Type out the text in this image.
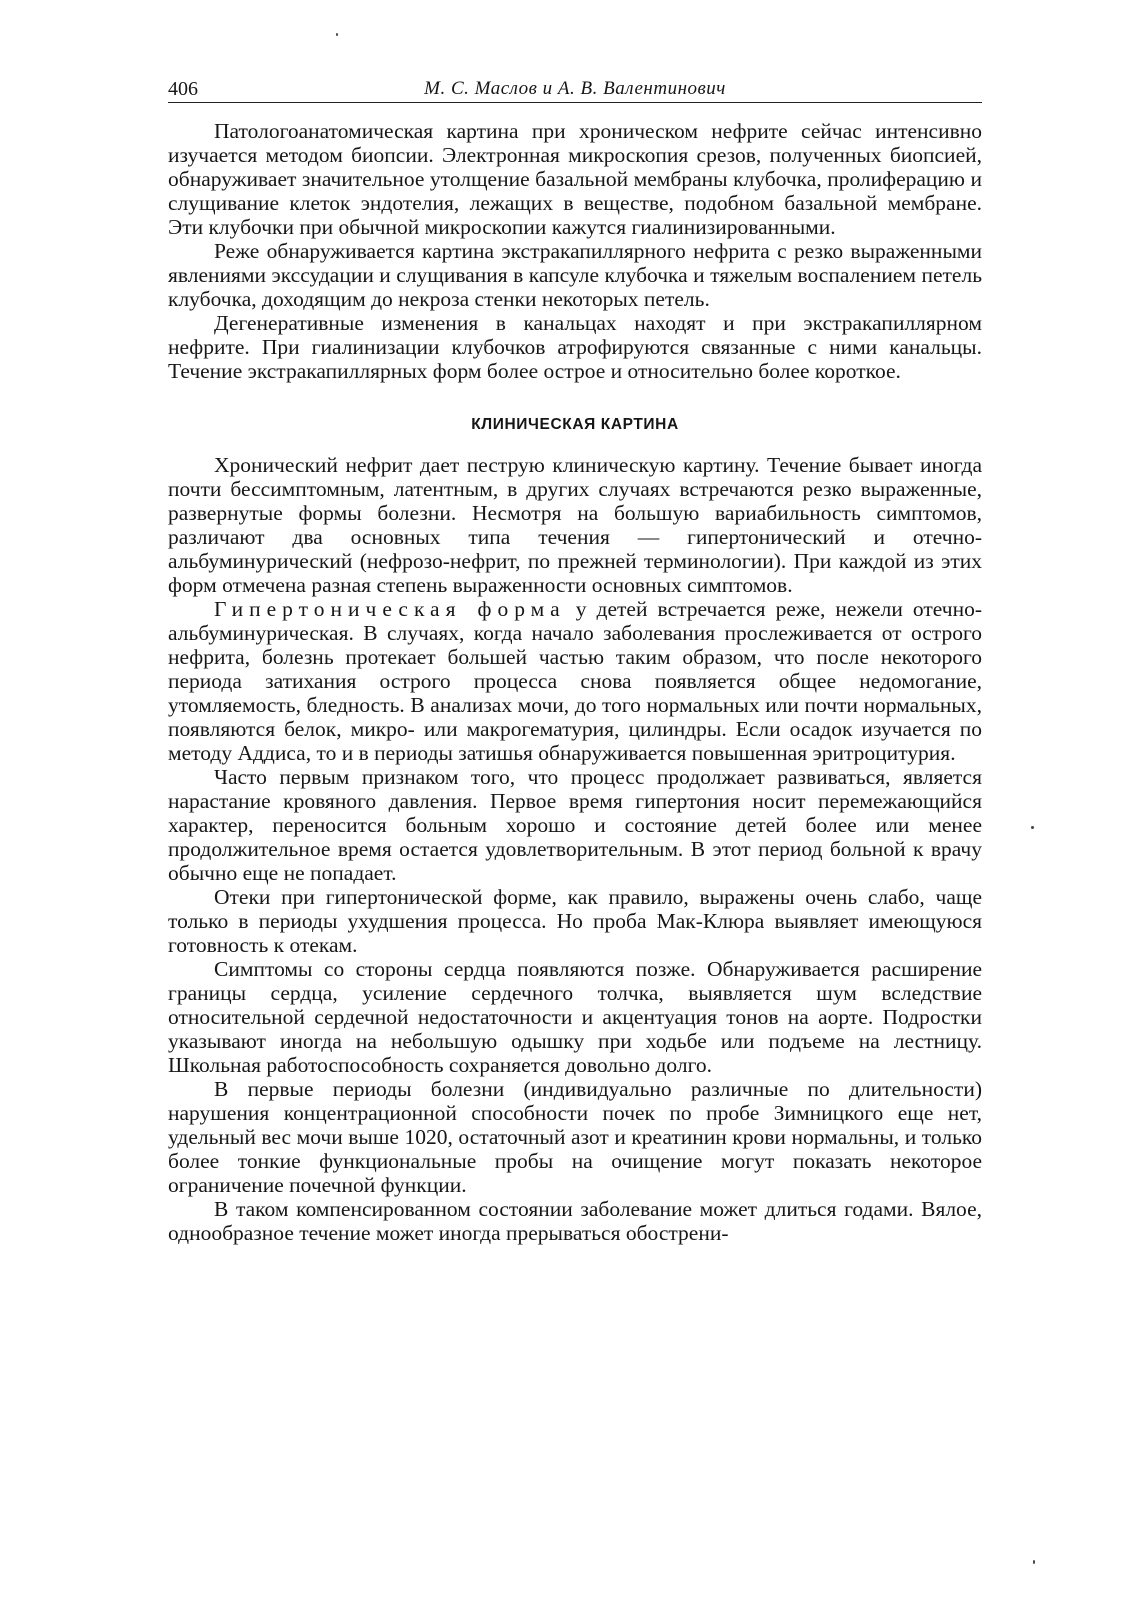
406	М. С. Маслов и А. В. Валентинович

Патологоанатомическая картина при хроническом нефрите сейчас интенсивно изучается методом биопсии. Электронная микроскопия срезов, полученных биопсией, обнаруживает значительное утолщение базальной мембраны клубочка, пролиферацию и слущивание клеток эндотелия, лежащих в веществе, подобном базальной мембране. Эти клубочки при обычной микроскопии кажутся гиалинизированными.

Реже обнаруживается картина экстракапиллярного нефрита с резко выраженными явлениями экссудации и слущивания в капсуле клубочка и тяжелым воспалением петель клубочка, доходящим до некроза стенки некоторых петель.

Дегенеративные изменения в канальцах находят и при экстракапиллярном нефрите. При гиалинизации клубочков атрофируются связанные с ними канальцы. Течение экстракапиллярных форм более острое и относительно более короткое.

КЛИНИЧЕСКАЯ КАРТИНА

Хронический нефрит дает пеструю клиническую картину. Течение бывает иногда почти бессимптомным, латентным, в других случаях встречаются резко выраженные, развернутые формы болезни. Несмотря на большую вариабильность симптомов, различают два основных типа течения — гипертонический и отечно-альбуминурический (нефрозо-нефрит, по прежней терминологии). При каждой из этих форм отмечена разная степень выраженности основных симптомов.

Гипертоническая форма у детей встречается реже, нежели отечно-альбуминурическая. В случаях, когда начало заболевания прослеживается от острого нефрита, болезнь протекает большей частью таким образом, что после некоторого периода затихания острого процесса снова появляется общее недомогание, утомляемость, бледность. В анализах мочи, до того нормальных или почти нормальных, появляются белок, микро- или макрогематурия, цилиндры. Если осадок изучается по методу Аддиса, то и в периоды затишья обнаруживается повышенная эритроцитурия.

Часто первым признаком того, что процесс продолжает развиваться, является нарастание кровяного давления. Первое время гипертония носит перемежающийся характер, переносится больным хорошо и состояние детей более или менее продолжительное время остается удовлетворительным. В этот период больной к врачу обычно еще не попадает.

Отеки при гипертонической форме, как правило, выражены очень слабо, чаще только в периоды ухудшения процесса. Но проба Мак-Клюра выявляет имеющуюся готовность к отекам.

Симптомы со стороны сердца появляются позже. Обнаруживается расширение границы сердца, усиление сердечного толчка, выявляется шум вследствие относительной сердечной недостаточности и акцентуация тонов на аорте. Подростки указывают иногда на небольшую одышку при ходьбе или подъеме на лестницу. Школьная работоспособность сохраняется довольно долго.

В первые периоды болезни (индивидуально различные по длительности) нарушения концентрационной способности почек по пробе Зимницкого еще нет, удельный вес мочи выше 1020, остаточный азот и креатинин крови нормальны, и только более тонкие функциональные пробы на очищение могут показать некоторое ограничение почечной функции.

В таком компенсированном состоянии заболевание может длиться годами. Вялое, однообразное течение может иногда прерываться обострени-
